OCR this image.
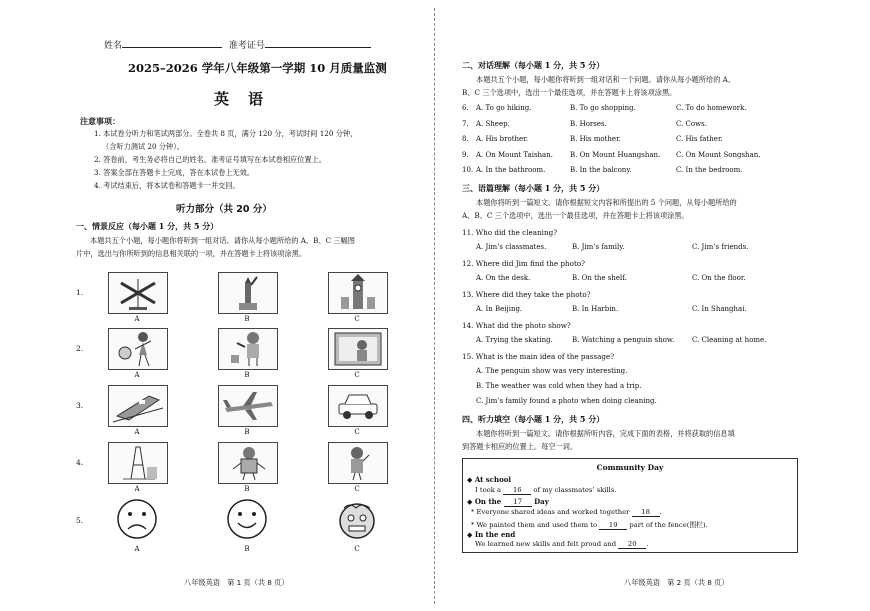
姓名	准考证号
2025–2026 学年八年级第一学期 10 月质量监测
英　语
注意事项：
1. 本试卷分听力和笔试两部分。全卷共 8 页，满分 120 分，考试时间 120 分钟，
（含听力测试 20 分钟）。
2. 答卷前，考生务必将自己的姓名、准考证号填写在本试卷相应位置上。
3. 答案全部在答题卡上完成，答在本试卷上无效。
4. 考试结束后，将本试卷和答题卡一并交回。
听力部分（共 20 分）
一、情景反应（每小题 1 分，共 5 分）
本题共五个小题，每小题你将听到一组对话。请你从每小题所给的 A、B、C 三幅图
片中，选出与你所听到的信息相关联的一项，并在答题卡上将该项涂黑。
1.
A	B	C
2.
A	B	C
3.
A	B	C
4.
A	B	C
5.
A	B	C
八年级英语　第 1 页（共 8 页）
二、对话理解（每小题 1 分，共 5 分）
本题共五个小题，每小题你将听到一组对话和一个问题。请你从每小题所给的 A、
B、C 三个选项中，选出一个最佳选项，并在答题卡上将该项涂黑。
6. A. To go hiking.	B. To go shopping.	C. To do homework.
7. A. Sheep.	B. Horses.	C. Cows.
8. A. His brother.	B. His mother.	C. His father.
9. A. On Mount Taishan. B. On Mount Huangshan. C. On Mount Songshan.
10. A. In the bathroom.	B. In the balcony.	C. In the bedroom.
三、语篇理解（每小题 1 分，共 5 分）
本题你将听到一篇短文。请你根据短文内容和所提出的 5 个问题，从每小题所给的
A、B、C 三个选项中，选出一个最佳选项，并在答题卡上将该项涂黑。
11. Who did the cleaning?
A. Jim’s classmates.	B. Jim’s family.	C. Jim’s friends.
12. Where did Jim find the photo?
A. On the desk.	B. On the shelf.	C. On the floor.
13. Where did they take the photo?
A. In Beijing.	B. In Harbin.	C. In Shanghai.
14. What did the photo show?
A. Trying the skating.	B. Watching a penguin show.	C. Cleaning at home.
15. What is the main idea of the passage?
A. The penguin show was very interesting.
B. The weather was cold when they had a trip.
C. Jim’s family found a photo when doing cleaning.
四、听力填空（每小题 1 分，共 5 分）
本题你将听到一篇短文。请你根据所听内容，完成下面的表格，并将获取的信息填
到答题卡相应的位置上。每空一词。
Community Day
◆ At school
I took a 16 of my classmates’ skills.
◆ On the 17 Day
* Everyone shared ideas and worked together 18 .
* We painted them and used them to 19 part of the fence(围栏).
◆ In the end
We learned new skills and felt proud and 20 .
八年级英语　第 2 页（共 8 页）
